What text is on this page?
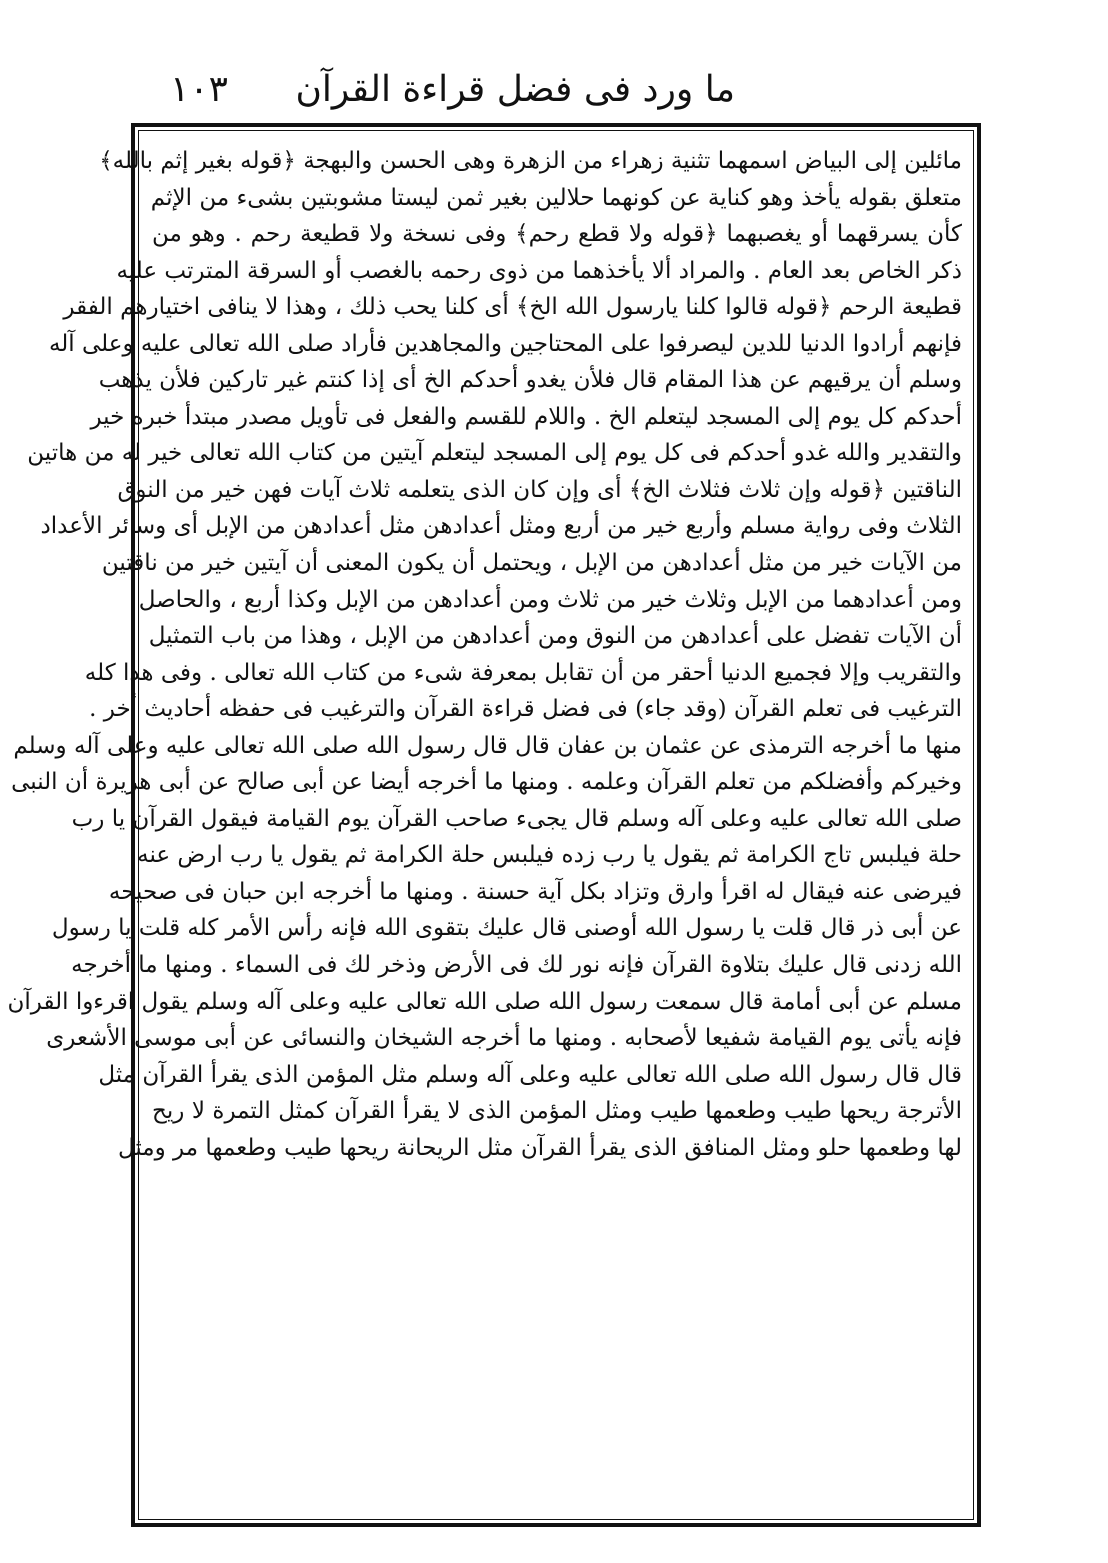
ما ورد فى فضل قراءة القرآن
١٠٣
مائلين إلى البياض اسمهما تثنية زهراء من الزهرة وهى الحسن والبهجة ﴿قوله بغير إثم بالله﴾
متعلق بقوله يأخذ وهو كناية عن كونهما حلالين بغير ثمن ليستا مشوبتين بشىء من الإثم
كأن يسرقهما أو يغصبهما ﴿قوله ولا قطع رحم﴾ وفى نسخة ولا قطيعة رحم . وهو من
ذكر الخاص بعد العام . والمراد ألا يأخذهما من ذوى رحمه بالغصب أو السرقة المترتب عليه
قطيعة الرحم ﴿قوله قالوا كلنا يارسول الله الخ﴾ أى كلنا يحب ذلك ، وهذا لا ينافى اختيارهم الفقر
فإنهم أرادوا الدنيا للدين ليصرفوا على المحتاجين والمجاهدين فأراد صلى الله تعالى عليه وعلى آله
وسلم أن يرقيهم عن هذا المقام قال فلأن يغدو أحدكم الخ أى إذا كنتم غير تاركين فلأن يذهب
أحدكم كل يوم إلى المسجد ليتعلم الخ . واللام للقسم والفعل فى تأويل مصدر مبتدأ خبره خير
والتقدير والله غدو أحدكم فى كل يوم إلى المسجد ليتعلم آيتين من كتاب الله تعالى خير له من هاتين
الناقتين ﴿قوله وإن ثلاث فثلاث الخ﴾ أى وإن كان الذى يتعلمه ثلاث آيات فهن خير من النوق
الثلاث وفى رواية مسلم وأربع خير من أربع ومثل أعدادهن مثل أعدادهن من الإبل أى وسائر الأعداد
من الآيات خير من مثل أعدادهن من الإبل ، ويحتمل أن يكون المعنى أن آيتين خير من ناقتين
ومن أعدادهما من الإبل وثلاث خير من ثلاث ومن أعدادهن من الإبل وكذا أربع ، والحاصل
أن الآيات تفضل على أعدادهن من النوق ومن أعدادهن من الإبل ، وهذا من باب التمثيل
والتقريب وإلا فجميع الدنيا أحقر من أن تقابل بمعرفة شىء من كتاب الله تعالى . وفى هذا كله
الترغيب فى تعلم القرآن (وقد جاء) فى فضل قراءة القرآن والترغيب فى حفظه أحاديث أخر .
منها ما أخرجه الترمذى عن عثمان بن عفان قال قال رسول الله صلى الله تعالى عليه وعلى آله وسلم
وخيركم وأفضلكم من تعلم القرآن وعلمه . ومنها ما أخرجه أيضا عن أبى صالح عن أبى هريرة أن النبى
صلى الله تعالى عليه وعلى آله وسلم قال يجىء صاحب القرآن يوم القيامة فيقول القرآن يا رب
حلة فيلبس تاج الكرامة ثم يقول يا رب زده فيلبس حلة الكرامة ثم يقول يا رب ارض عنه
فيرضى عنه فيقال له اقرأ وارق وتزاد بكل آية حسنة . ومنها ما أخرجه ابن حبان فى صحيحه
عن أبى ذر قال قلت يا رسول الله أوصنى قال عليك بتقوى الله فإنه رأس الأمر كله قلت يا رسول
الله زدنى قال عليك بتلاوة القرآن فإنه نور لك فى الأرض وذخر لك فى السماء . ومنها ما أخرجه
مسلم عن أبى أمامة قال سمعت رسول الله صلى الله تعالى عليه وعلى آله وسلم يقول اقرءوا القرآن
فإنه يأتى يوم القيامة شفيعا لأصحابه . ومنها ما أخرجه الشيخان والنسائى عن أبى موسى الأشعرى
قال قال رسول الله صلى الله تعالى عليه وعلى آله وسلم مثل المؤمن الذى يقرأ القرآن مثل
الأترجة ريحها طيب وطعمها طيب ومثل المؤمن الذى لا يقرأ القرآن كمثل التمرة لا ريح
لها وطعمها حلو ومثل المنافق الذى يقرأ القرآن مثل الريحانة ريحها طيب وطعمها مر ومثل
